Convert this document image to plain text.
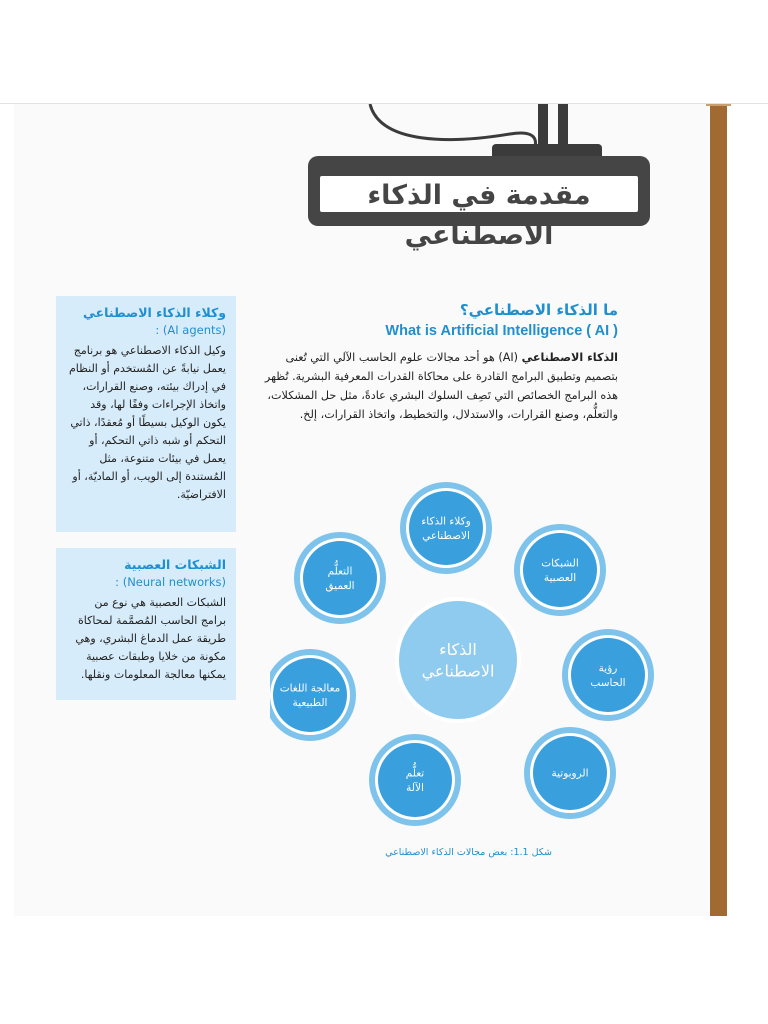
مقدمة في الذكاء الاصطناعي
وكلاء الذكاء الاصطناعي
(AI agents) :
وكيل الذكاء الاصطناعي هو برنامج يعمل نيابةً عن المُستخدم أو النظام في إدراك بيئته، وصنع القرارات، واتخاذ الإجراءات وفقًا لها، وقد يكون الوكيل بسيطًا أو مُعقدًا، ذاتي التحكم أو شبه ذاتي التحكم، أو يعمل في بيئات متنوعة، مثل المُستندة إلى الويب، أو الماديّة، أو الافتراضيّة.
الشبكات العصبية
(Neural networks) :
الشبكات العصبية هي نوع من برامج الحاسب المُصمَّمة لمحاكاة طريقة عمل الدماغ البشري، وهي مكونة من خلايا وطبقات عصبية يمكنها معالجة المعلومات ونقلها.
ما الذكاء الاصطناعي؟
What is Artificial Intelligence ( AI )
الذكاء الاصطناعي (AI) هو أحد مجالات علوم الحاسب الآلي التي تُعنى بتصميم وتطبيق البرامج القادرة على محاكاة القدرات المعرفية البشرية. تُظهر هذه البرامج الخصائص التي تَصِف السلوك البشري عادةً، مثل حل المشكلات، والتعلُّم، وصنع القرارات، والاستدلال، والتخطيط، واتخاذ القرارات، إلخ.
وكلاء الذكاء الاصطناعي
الشبكات العصبية
رؤية الحاسب
الروبوتية
تعلُّم الآلة
معالجة اللغات الطبيعية
التعلُّم العميق
الذكاء الاصطناعي
شكل 1.1: بعض مجالات الذكاء الاصطناعي
